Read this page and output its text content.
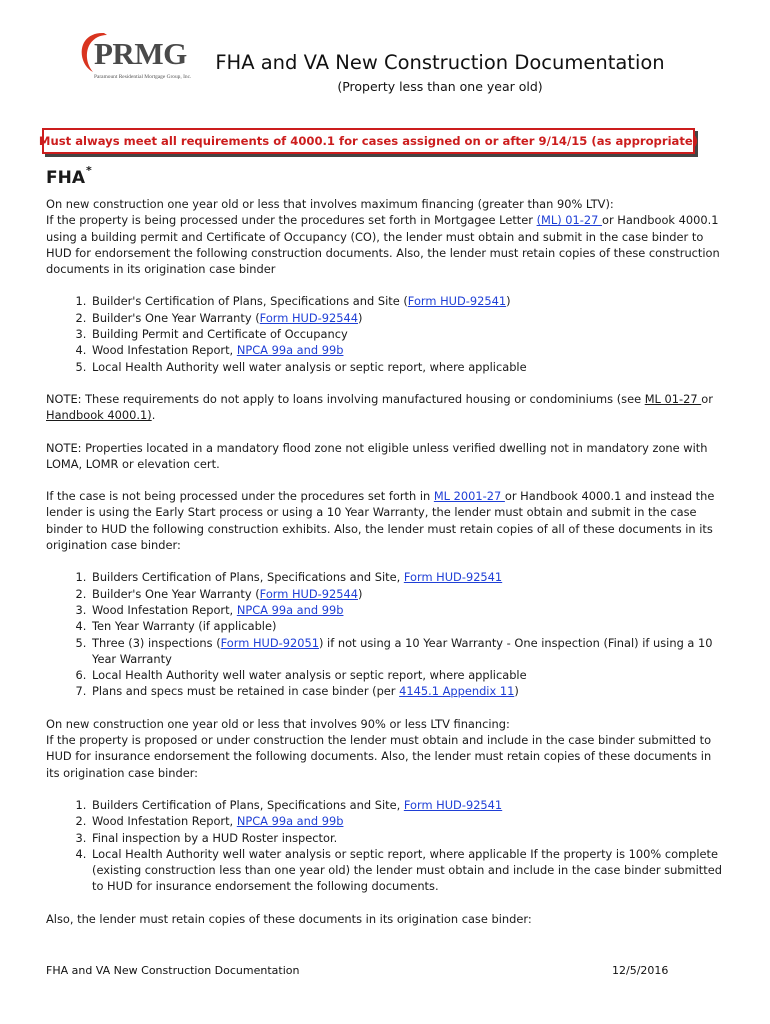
PRMG
Paramount Residential Mortgage Group, Inc.
FHA and VA New Construction Documentation
(Property less than one year old)
Must always meet all requirements of 4000.1 for cases assigned on or after 9/14/15 (as appropriate)
FHA*

On new construction one year old or less that involves maximum financing (greater than 90% LTV):
If the property is being processed under the procedures set forth in Mortgagee Letter (ML) 01-27 or Handbook 4000.1 using a building permit and Certificate of Occupancy (CO), the lender must obtain and submit in the case binder to HUD for endorsement the following construction documents. Also, the lender must retain copies of these construction documents in its origination case binder

1. Builder's Certification of Plans, Specifications and Site (Form HUD-92541)
2. Builder's One Year Warranty (Form HUD-92544)
3. Building Permit and Certificate of Occupancy
4. Wood Infestation Report, NPCA 99a and 99b
5. Local Health Authority well water analysis or septic report, where applicable

NOTE: These requirements do not apply to loans involving manufactured housing or condominiums (see ML 01-27 or Handbook 4000.1).

NOTE: Properties located in a mandatory flood zone not eligible unless verified dwelling not in mandatory zone with LOMA, LOMR or elevation cert.

If the case is not being processed under the procedures set forth in ML 2001-27 or Handbook 4000.1 and instead the lender is using the Early Start process or using a 10 Year Warranty, the lender must obtain and submit in the case binder to HUD the following construction exhibits. Also, the lender must retain copies of all of these documents in its origination case binder:

1. Builders Certification of Plans, Specifications and Site, Form HUD-92541
2. Builder's One Year Warranty (Form HUD-92544)
3. Wood Infestation Report, NPCA 99a and 99b
4. Ten Year Warranty (if applicable)
5. Three (3) inspections (Form HUD-92051) if not using a 10 Year Warranty - One inspection (Final) if using a 10 Year Warranty
6. Local Health Authority well water analysis or septic report, where applicable
7. Plans and specs must be retained in case binder (per 4145.1 Appendix 11)

On new construction one year old or less that involves 90% or less LTV financing:
If the property is proposed or under construction the lender must obtain and include in the case binder submitted to HUD for insurance endorsement the following documents. Also, the lender must retain copies of these documents in its origination case binder:

1. Builders Certification of Plans, Specifications and Site, Form HUD-92541
2. Wood Infestation Report, NPCA 99a and 99b
3. Final inspection by a HUD Roster inspector.
4. Local Health Authority well water analysis or septic report, where applicable If the property is 100% complete (existing construction less than one year old) the lender must obtain and include in the case binder submitted to HUD for insurance endorsement the following documents.

Also, the lender must retain copies of these documents in its origination case binder:

FHA and VA New Construction Documentation	12/5/2016
